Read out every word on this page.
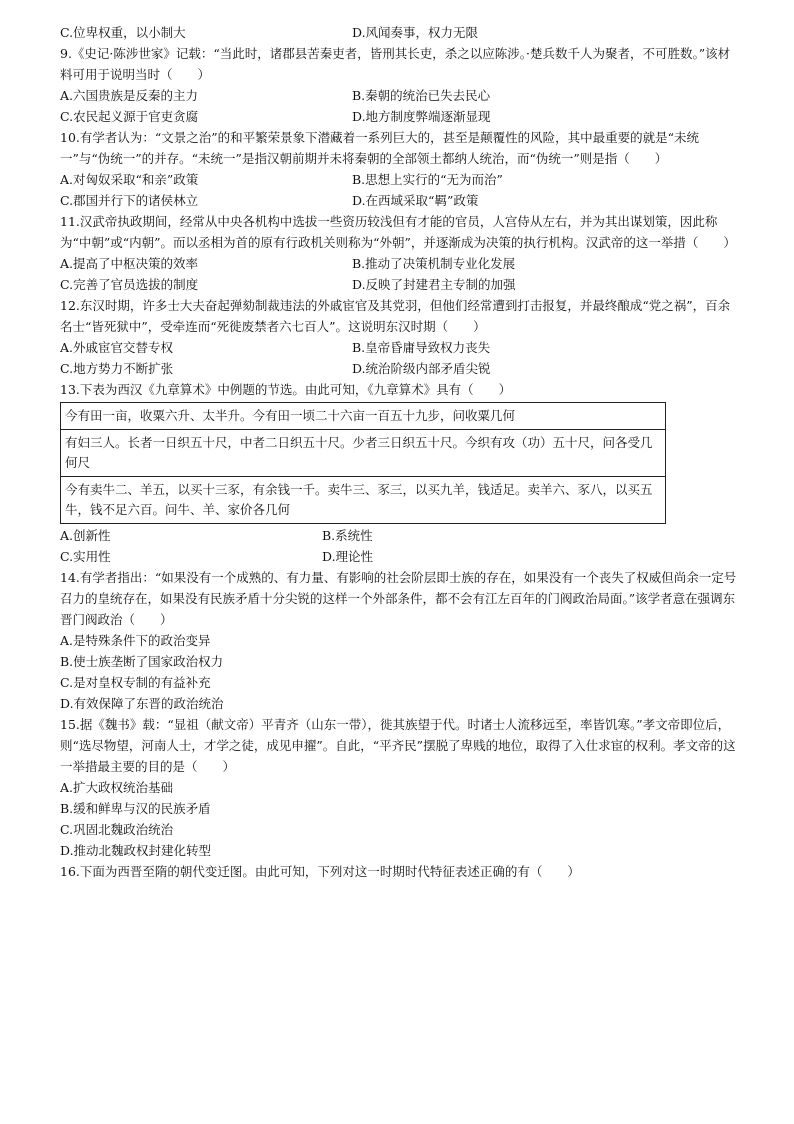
C.位卑权重，以小制大	D.风闻奏事，权力无限
9.《史记·陈涉世家》记载：“当此时，诸郡县苦秦吏者，皆刑其长吏，杀之以应陈涉。·楚兵数千人为聚者，不可胜数。”该材料可用于说明当时（　　）
A.六国贵族是反秦的主力	B.秦朝的统治已失去民心
C.农民起义源于官吏贪腐	D.地方制度弊端逐渐显现
10.有学者认为：“文景之治”的和平繁荣景象下潜藏着一系列巨大的，甚至是颠覆性的风险，其中最重要的就是“未统一”与“伪统一”的并存。“未统一”是指汉朝前期并未将秦朝的全部领土都纳人统治，而“伪统一”则是指（　　）
A.对匈奴采取“和亲”政策	B.思想上实行的“无为而治”
C.郡国并行下的诸侯林立	D.在西域采取“羁”政策
11.汉武帝执政期间，经常从中央各机构中选拔一些资历较浅但有才能的官员，人宫侍从左右，并为其出谋划策，因此称为“中朝”或“内朝”。而以丞相为首的原有行政机关则称为“外朝”，并逐渐成为决策的执行机构。汉武帝的这一举措（　　）
A.提高了中枢决策的效率	B.推动了决策机制专业化发展
C.完善了官员选拔的制度	D.反映了封建君主专制的加强
12.东汉时期，许多士大夫奋起弹劾制裁违法的外戚宦官及其党羽，但他们经常遭到打击报复，并最终酿成“党之祸”，百余名士“皆死狱中”，受牵连而“死徙废禁者六七百人”。这说明东汉时期（　　）
A.外戚宦官交替专权	B.皇帝昏庸导致权力丧失
C.地方势力不断扩张	D.统治阶级内部矛盾尖锐
13.下表为西汉《九章算术》中例题的节选。由此可知，《九章算术》具有（　　）
今有田一亩，收粟六升、太半升。今有田一顷二十六亩一百五十九步，问收粟几何
有妇三人。长者一日织五十尺，中者二日织五十尺。少者三日织五十尺。今织有攻（功）五十尺，问各受几何尺
今有卖牛二、羊五，以买十三豕，有余钱一千。卖牛三、豕三，以买九羊，钱适足。卖羊六、豕八，以买五牛，钱不足六百。问牛、羊、家价各几何
A.创新性	B.系统性
C.实用性	D.理论性
14.有学者指出：“如果没有一个成熟的、有力量、有影响的社会阶层即士族的存在，如果没有一个丧失了权威但尚余一定号召力的皇统存在，如果没有民族矛盾十分尖锐的这样一个外部条件，都不会有江左百年的门阀政治局面。”该学者意在强调东晋门阀政治（　　）
A.是特殊条件下的政治变异
B.使士族垄断了国家政治权力
C.是对皇权专制的有益补充
D.有效保障了东晋的政治统治
15.据《魏书》载：“显祖（献文帝）平青齐（山东一带），徙其族望于代。时诸士人流移远至，率皆饥寒。”孝文帝即位后，则“选尽物望，河南人士，才学之徒，成见申擢”。自此，“平齐民”摆脱了卑贱的地位，取得了入仕求宦的权利。孝文帝的这一举措最主要的目的是（　　）
A.扩大政权统治基础
B.缓和鲜卑与汉的民族矛盾
C.巩固北魏政治统治
D.推动北魏政权封建化转型
16.下面为西晋至隋的朝代变迁图。由此可知，下列对这一时期时代特征表述正确的有（　　）
